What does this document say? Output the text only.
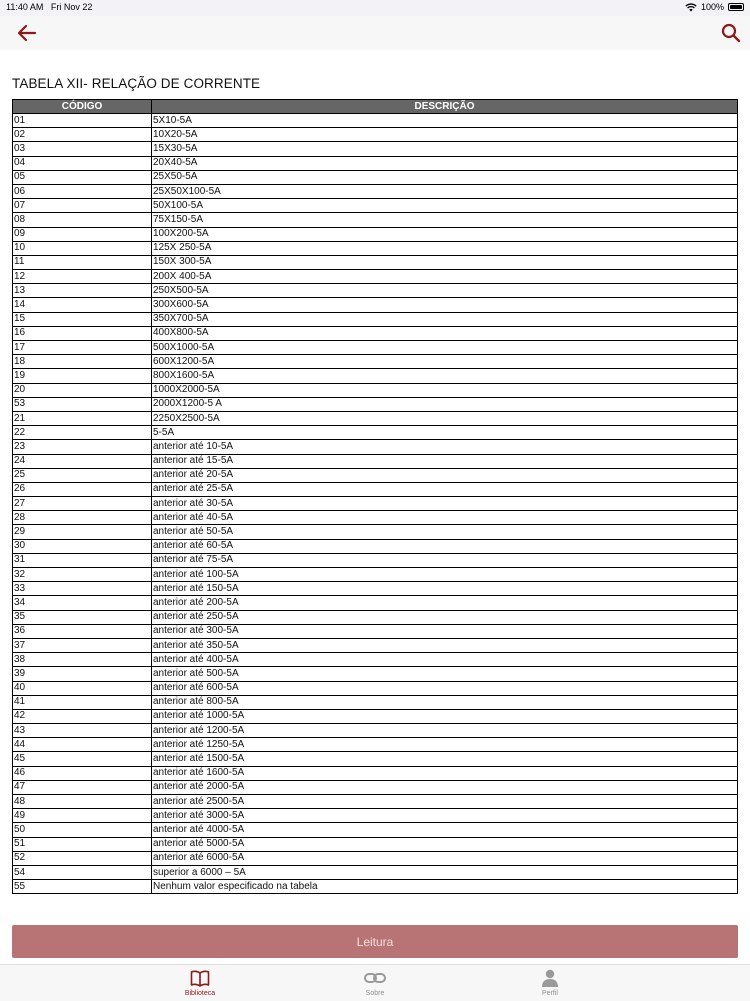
11:40 AM Fri Nov 22	100%
TABELA XII- RELAÇÃO DE CORRENTE
CÓDIGO	DESCRIÇÃO
01	5X10-5A
02	10X20-5A
03	15X30-5A
04	20X40-5A
05	25X50-5A
06	25X50X100-5A
07	50X100-5A
08	75X150-5A
09	100X200-5A
10	125X 250-5A
11	150X 300-5A
12	200X 400-5A
13	250X500-5A
14	300X600-5A
15	350X700-5A
16	400X800-5A
17	500X1000-5A
18	600X1200-5A
19	800X1600-5A
20	1000X2000-5A
53	2000X1200-5 A
21	2250X2500-5A
22	5-5A
23	anterior até 10-5A
24	anterior até 15-5A
25	anterior até 20-5A
26	anterior até 25-5A
27	anterior até 30-5A
28	anterior até 40-5A
29	anterior até 50-5A
30	anterior até 60-5A
31	anterior até 75-5A
32	anterior até 100-5A
33	anterior até 150-5A
34	anterior até 200-5A
35	anterior até 250-5A
36	anterior até 300-5A
37	anterior até 350-5A
38	anterior até 400-5A
39	anterior até 500-5A
40	anterior até 600-5A
41	anterior até 800-5A
42	anterior até 1000-5A
43	anterior até 1200-5A
44	anterior até 1250-5A
45	anterior até 1500-5A
46	anterior até 1600-5A
47	anterior até 2000-5A
48	anterior até 2500-5A
49	anterior até 3000-5A
50	anterior até 4000-5A
51	anterior até 5000-5A
52	anterior até 6000-5A
54	superior a 6000 – 5A
55	Nenhum valor especificado na tabela
Leitura
Biblioteca	Sobre	Perfil
